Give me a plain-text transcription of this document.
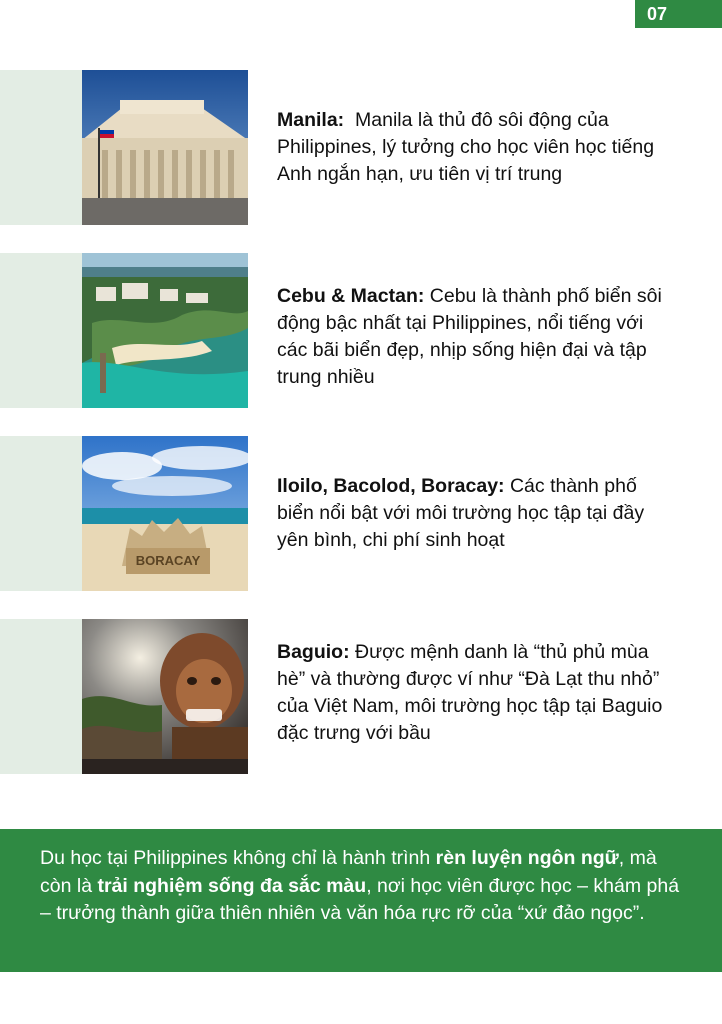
07
Manila: Manila là thủ đô sôi động của Philippines, lý tưởng cho học viên học tiếng Anh ngắn hạn, ưu tiên vị trí trung
Cebu & Mactan: Cebu là thành phố biển sôi động bậc nhất tại Philippines, nổi tiếng với các bãi biển đẹp, nhịp sống hiện đại và tập trung nhiều
BORACAY
Iloilo, Bacolod, Boracay: Các thành phố biển nổi bật với môi trường học tập tại đầy yên bình, chi phí sinh hoạt
Baguio: Được mệnh danh là “thủ phủ mùa hè” và thường được ví như “Đà Lạt thu nhỏ” của Việt Nam, môi trường học tập tại Baguio đặc trưng với bầu

Du học tại Philippines không chỉ là hành trình rèn luyện ngôn ngữ, mà còn là trải nghiệm sống đa sắc màu, nơi học viên được học – khám phá – trưởng thành giữa thiên nhiên và văn hóa rực rỡ của “xứ đảo ngọc”.
